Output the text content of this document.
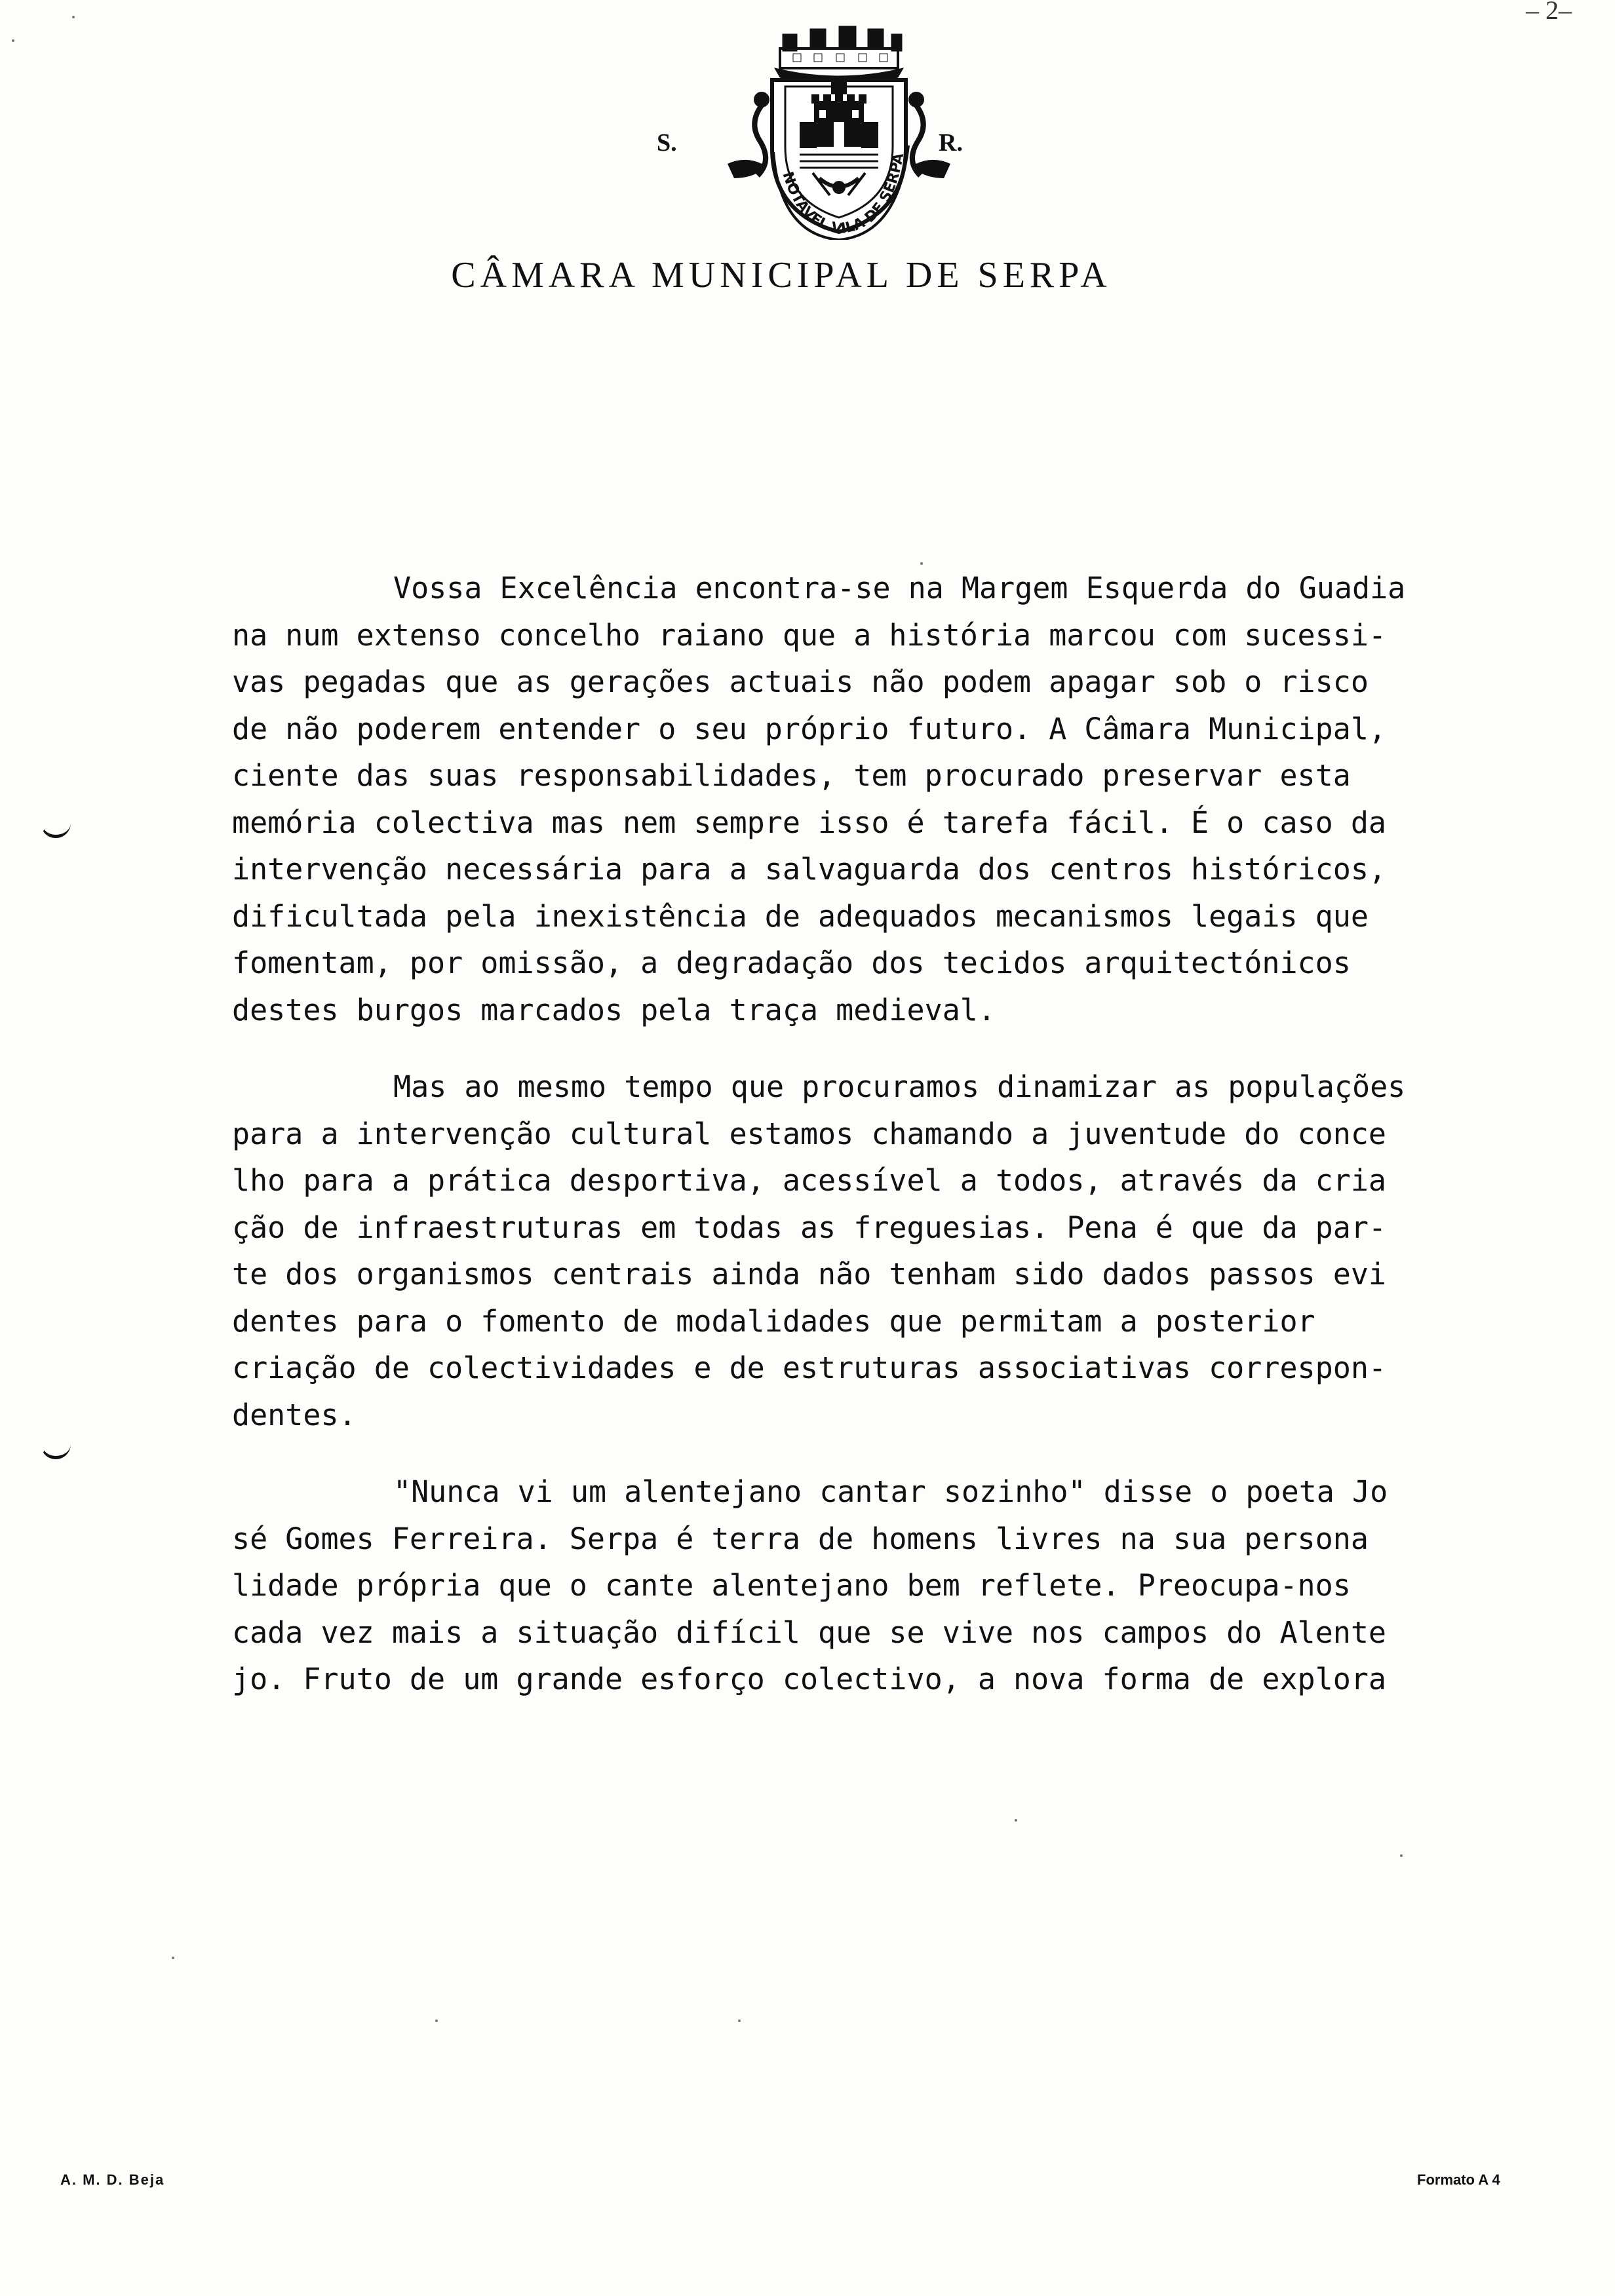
– 2–
NOTAVEL VILA DE SERPA
S.	R.
CÂMARA MUNICIPAL DE SERPA

Vossa Excelência encontra-se na Margem Esquerda do Guadia
na num extenso concelho raiano que a história marcou com sucessi-
vas pegadas que as gerações actuais não podem apagar sob o risco
de não poderem entender o seu próprio futuro. A Câmara Municipal,
ciente das suas responsabilidades, tem procurado preservar esta
memória colectiva mas nem sempre isso é tarefa fácil. É o caso da
intervenção necessária para a salvaguarda dos centros históricos,
dificultada pela inexistência de adequados mecanismos legais que
fomentam, por omissão, a degradação dos tecidos arquitectónicos
destes burgos marcados pela traça medieval.

Mas ao mesmo tempo que procuramos dinamizar as populações
para a intervenção cultural estamos chamando a juventude do conce
lho para a prática desportiva, acessível a todos, através da cria
ção de infraestruturas em todas as freguesias. Pena é que da par-
te dos organismos centrais ainda não tenham sido dados passos evi
dentes para o fomento de modalidades que permitam a posterior
criação de colectividades e de estruturas associativas correspon-
dentes.

"Nunca vi um alentejano cantar sozinho" disse o poeta Jo
sé Gomes Ferreira. Serpa é terra de homens livres na sua persona
lidade própria que o cante alentejano bem reflete. Preocupa-nos
cada vez mais a situação difícil que se vive nos campos do Alente
jo. Fruto de um grande esforço colectivo, a nova forma de explora

A. M. D. Beja	Formato A 4
